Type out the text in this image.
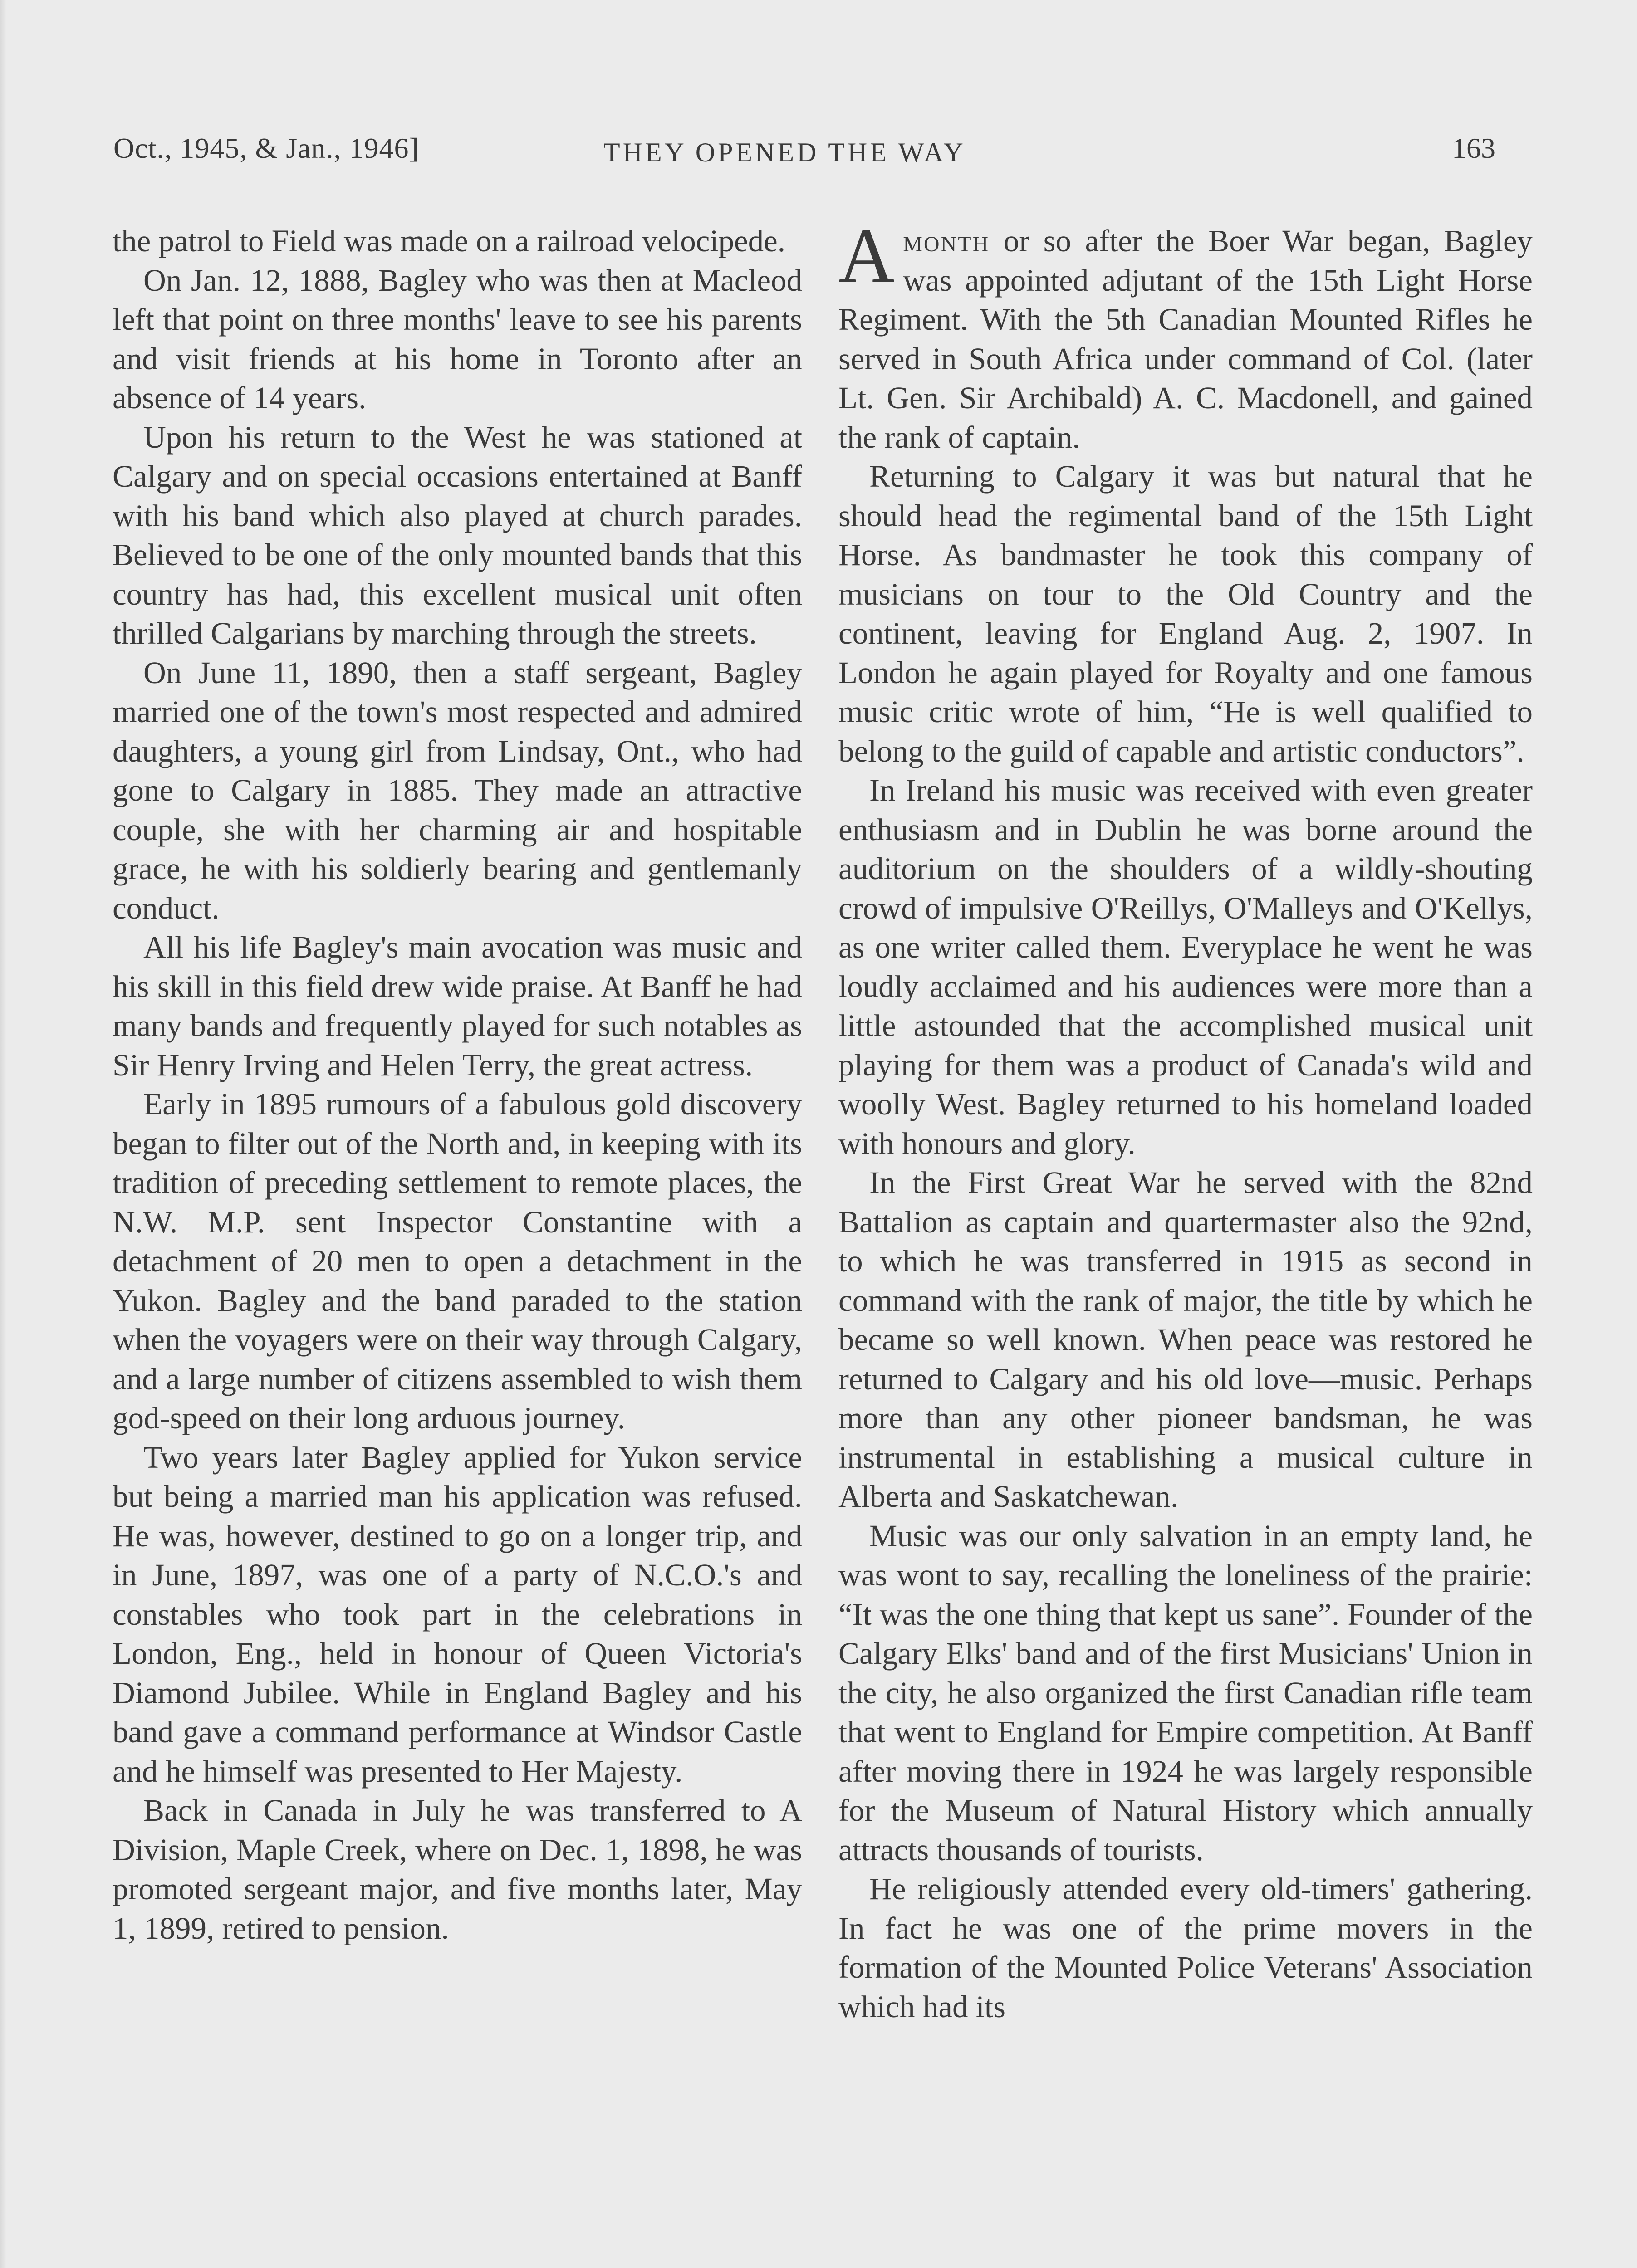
Oct., 1945, & Jan., 1946]	THEY OPENED THE WAY	163

the patrol to Field was made on a railroad velocipede.

On Jan. 12, 1888, Bagley who was then at Macleod left that point on three months' leave to see his parents and visit friends at his home in Toronto after an absence of 14 years.

Upon his return to the West he was stationed at Calgary and on special occasions entertained at Banff with his band which also played at church parades. Believed to be one of the only mounted bands that this country has had, this excellent musical unit often thrilled Calgarians by marching through the streets.

On June 11, 1890, then a staff sergeant, Bagley married one of the town's most respected and admired daughters, a young girl from Lindsay, Ont., who had gone to Calgary in 1885. They made an attractive couple, she with her charming air and hospitable grace, he with his soldierly bearing and gentlemanly conduct.

All his life Bagley's main avocation was music and his skill in this field drew wide praise. At Banff he had many bands and frequently played for such notables as Sir Henry Irving and Helen Terry, the great actress.

Early in 1895 rumours of a fabulous gold discovery began to filter out of the North and, in keeping with its tradition of preceding settlement to remote places, the N.W. M.P. sent Inspector Constantine with a detachment of 20 men to open a detachment in the Yukon. Bagley and the band paraded to the station when the voyagers were on their way through Calgary, and a large number of citizens assembled to wish them god-speed on their long arduous journey.

Two years later Bagley applied for Yukon service but being a married man his application was refused. He was, however, destined to go on a longer trip, and in June, 1897, was one of a party of N.C.O.'s and constables who took part in the celebrations in London, Eng., held in honour of Queen Victoria's Diamond Jubilee. While in England Bagley and his band gave a command performance at Windsor Castle and he himself was presented to Her Majesty.

Back in Canada in July he was transferred to A Division, Maple Creek, where on Dec. 1, 1898, he was promoted sergeant major, and five months later, May 1, 1899, retired to pension.

Amonth or so after the Boer War began, Bagley was appointed adjutant of the 15th Light Horse Regiment. With the 5th Canadian Mounted Rifles he served in South Africa under command of Col. (later Lt. Gen. Sir Archibald) A. C. Macdonell, and gained the rank of captain.

Returning to Calgary it was but natural that he should head the regimental band of the 15th Light Horse. As bandmaster he took this company of musicians on tour to the Old Country and the continent, leaving for England Aug. 2, 1907. In London he again played for Royalty and one famous music critic wrote of him, “He is well qualified to belong to the guild of capable and artistic conductors”.

In Ireland his music was received with even greater enthusiasm and in Dublin he was borne around the auditorium on the shoulders of a wildly-shouting crowd of impulsive O'Reillys, O'Malleys and O'Kellys, as one writer called them. Everyplace he went he was loudly acclaimed and his audiences were more than a little astounded that the accomplished musical unit playing for them was a product of Canada's wild and woolly West. Bagley returned to his homeland loaded with honours and glory.

In the First Great War he served with the 82nd Battalion as captain and quartermaster also the 92nd, to which he was transferred in 1915 as second in command with the rank of major, the title by which he became so well known. When peace was restored he returned to Calgary and his old love—music. Perhaps more than any other pioneer bandsman, he was instrumental in establishing a musical culture in Alberta and Saskatchewan.

Music was our only salvation in an empty land, he was wont to say, recalling the loneliness of the prairie: “It was the one thing that kept us sane”. Founder of the Calgary Elks' band and of the first Musicians' Union in the city, he also organized the first Canadian rifle team that went to England for Empire competition. At Banff after moving there in 1924 he was largely responsible for the Museum of Natural History which annually attracts thousands of tourists.

He religiously attended every old-timers' gathering. In fact he was one of the prime movers in the formation of the Mounted Police Veterans' Association which had its
